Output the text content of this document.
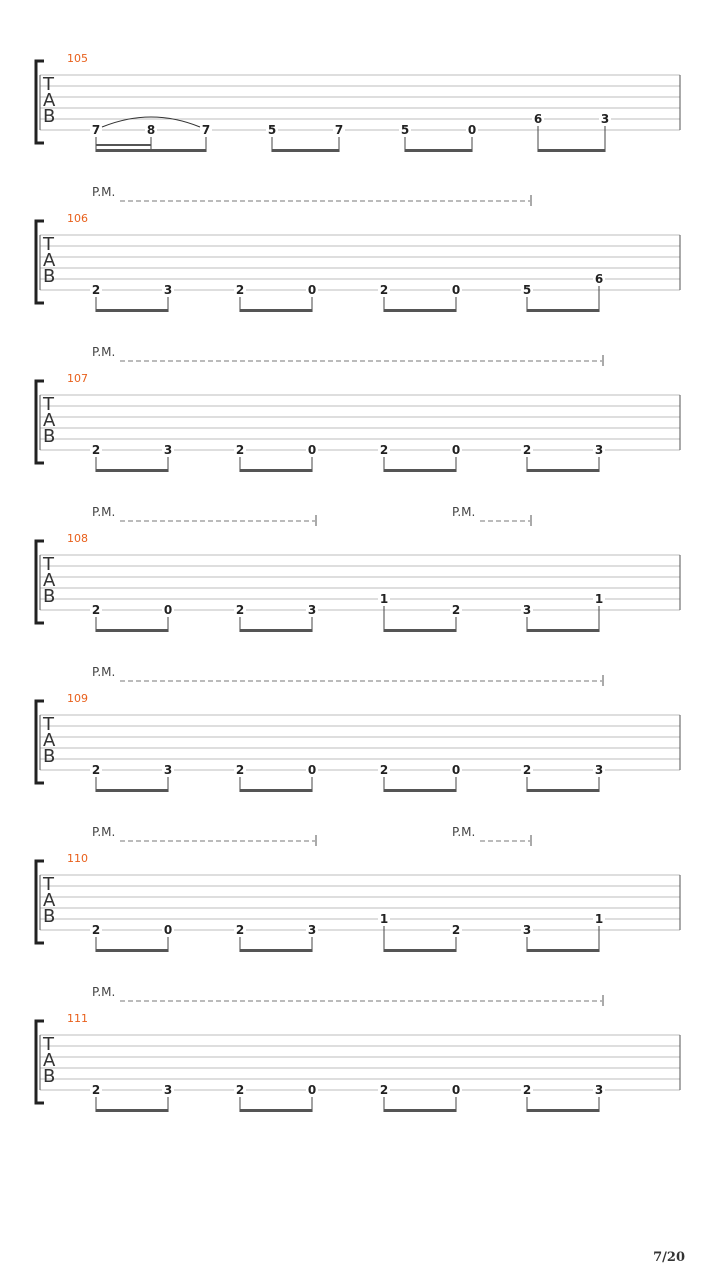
105
T
A
B
7	8	7	5	7	5	0
6	3
P.M.
106
T
A
B
2	3	2	0	2	0	5
6
P.M.
107
T
A
B
2	3	2	0	2	0	2	3
P.M.	P.M.
108
T
A
B
2	0	2	3
1
2	3
1
P.M.
109
T
A
B
2	3	2	0	2	0	2	3
P.M.	P.M.
110
T
A
B
2	0	2	3
1
2	3
1
P.M.
111
T
A
B
2	3	2	0	2	0	2	3
7/20
